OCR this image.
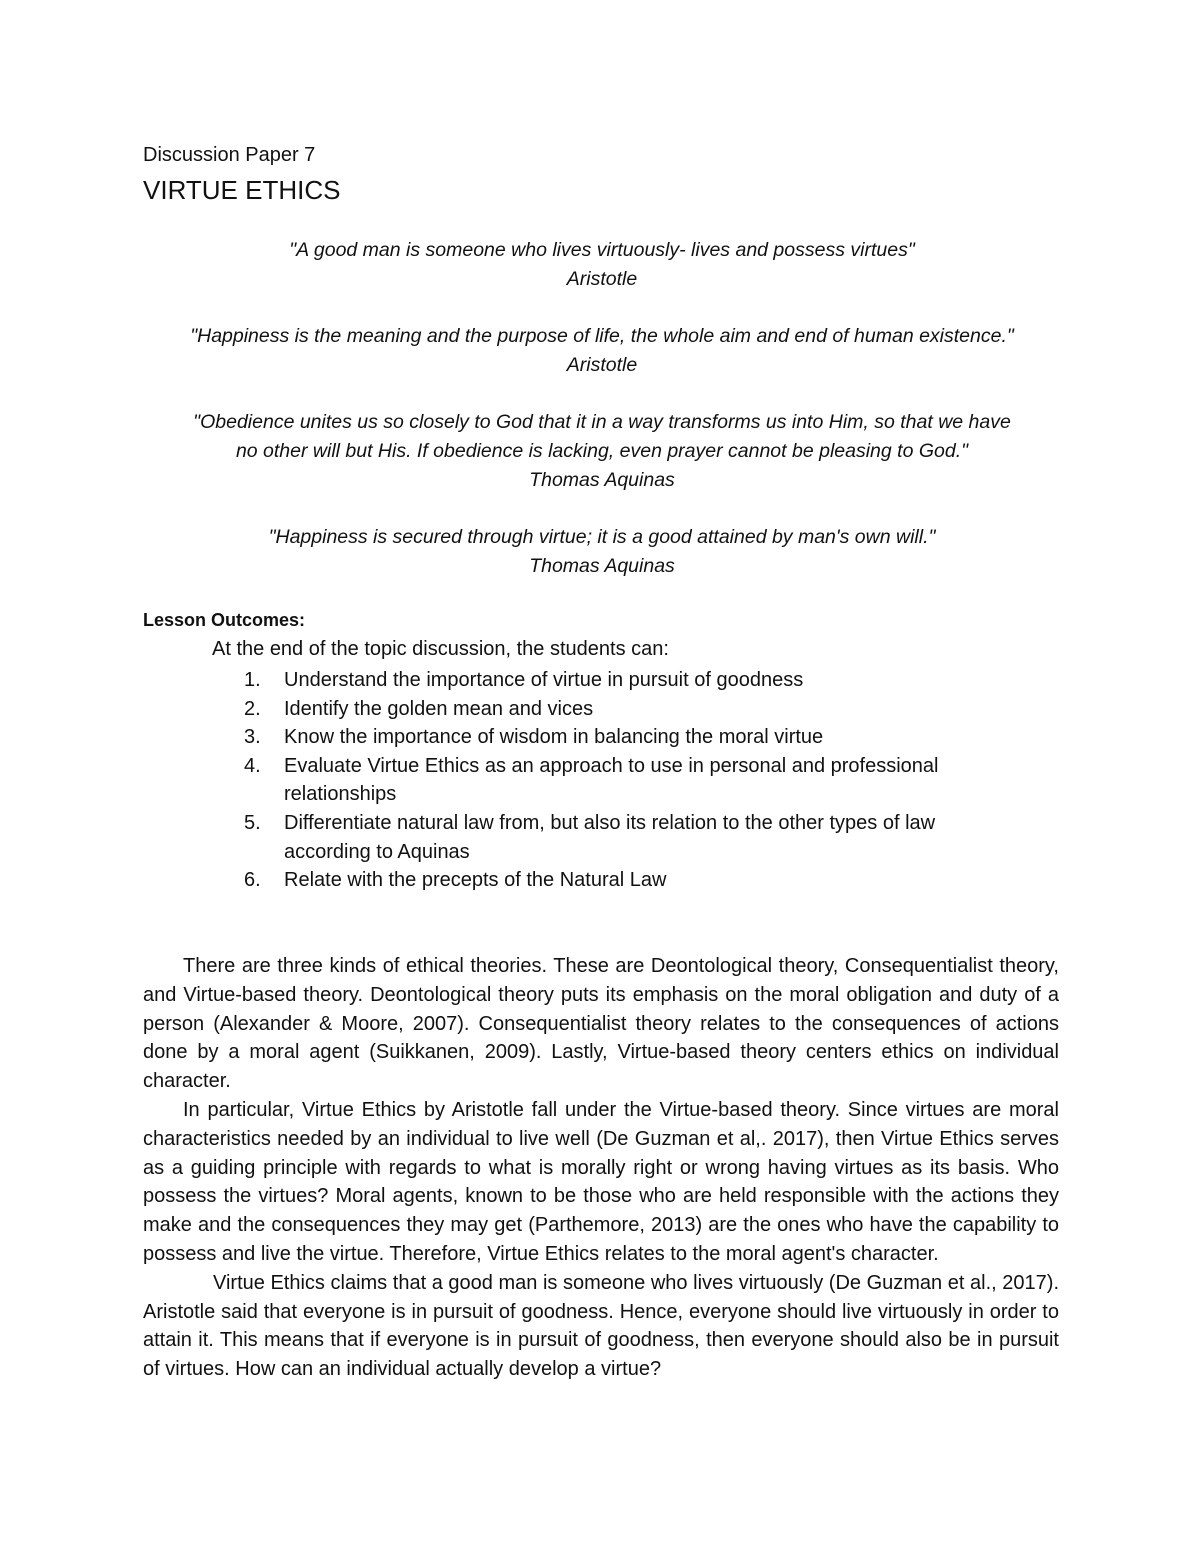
Discussion Paper 7
VIRTUE ETHICS

"A good man is someone who lives virtuously- lives and possess virtues"

Aristotle

"Happiness is the meaning and the purpose of life, the whole aim and end of human existence."

Aristotle

"Obedience unites us so closely to God that it in a way transforms us into Him, so that we have

no other will but His. If obedience is lacking, even prayer cannot be pleasing to God."

Thomas Aquinas

"Happiness is secured through virtue; it is a good attained by man's own will."

Thomas Aquinas

Lesson Outcomes:
At the end of the topic discussion, the students can:
1. Understand the importance of virtue in pursuit of goodness
2. Identify the golden mean and vices
3. Know the importance of wisdom in balancing the moral virtue
4. Evaluate Virtue Ethics as an approach to use in personal and professional relationships
5. Differentiate natural law from, but also its relation to the other types of law according to Aquinas
6. Relate with the precepts of the Natural Law

There are three kinds of ethical theories. These are Deontological theory, Consequentialist theory, and Virtue-based theory. Deontological theory puts its emphasis on the moral obligation and duty of a person (Alexander & Moore, 2007). Consequentialist theory relates to the consequences of actions done by a moral agent (Suikkanen, 2009). Lastly, Virtue-based theory centers ethics on individual character.

In particular, Virtue Ethics by Aristotle fall under the Virtue-based theory. Since virtues are moral characteristics needed by an individual to live well (De Guzman et al,. 2017), then Virtue Ethics serves as a guiding principle with regards to what is morally right or wrong having virtues as its basis. Who possess the virtues? Moral agents, known to be those who are held responsible with the actions they make and the consequences they may get (Parthemore, 2013) are the ones who have the capability to possess and live the virtue. Therefore, Virtue Ethics relates to the moral agent's character.

Virtue Ethics claims that a good man is someone who lives virtuously (De Guzman et al., 2017). Aristotle said that everyone is in pursuit of goodness. Hence, everyone should live virtuously in order to attain it. This means that if everyone is in pursuit of goodness, then everyone should also be in pursuit of virtues. How can an individual actually develop a virtue?
